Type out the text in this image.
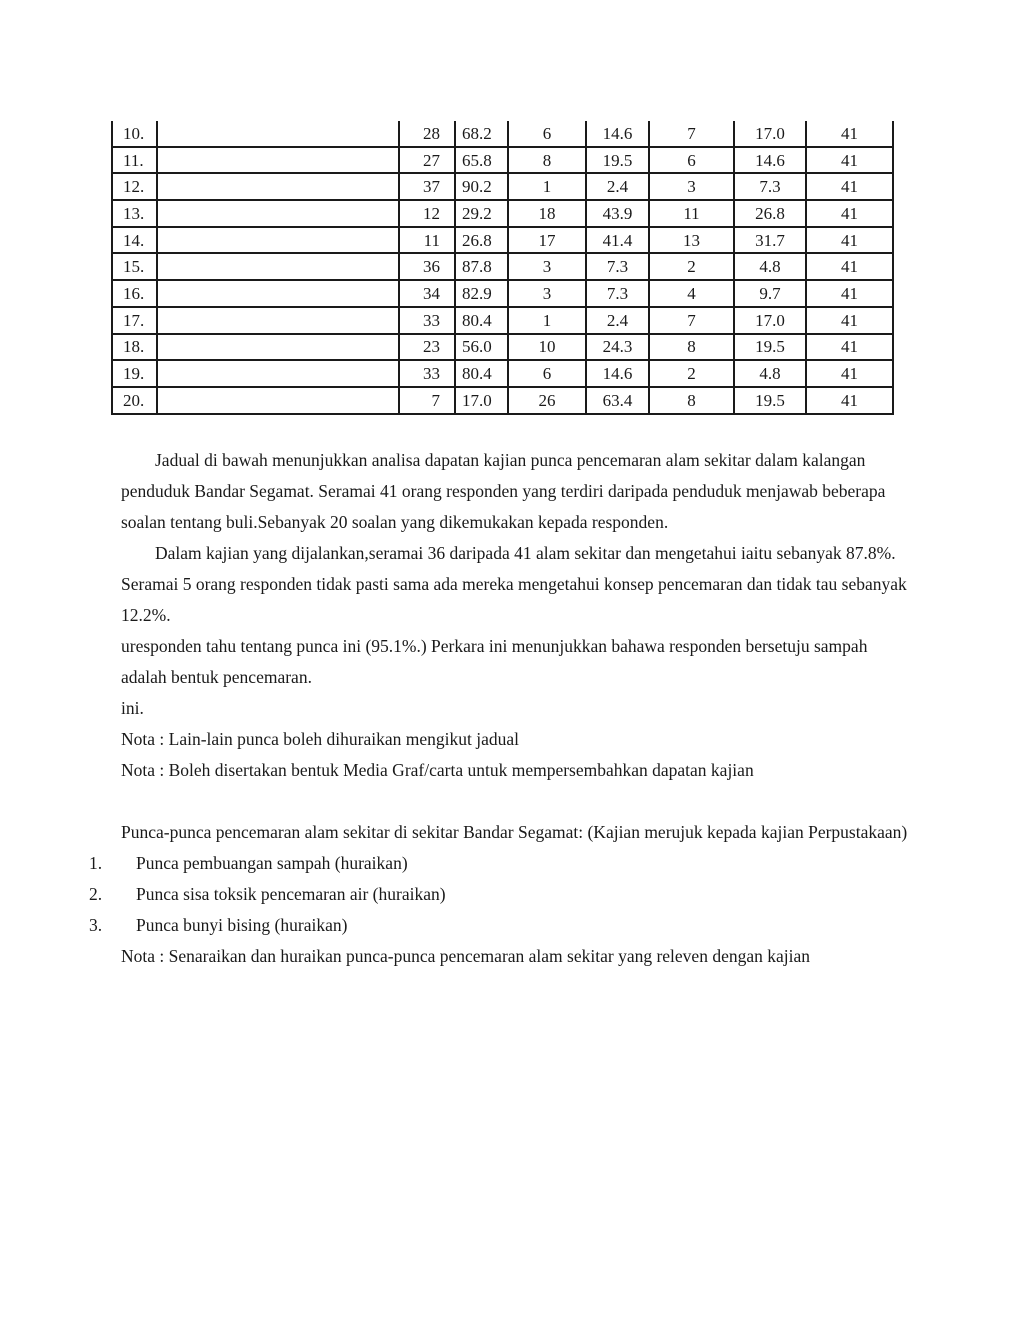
10.		28	68.2	6	14.6	7	17.0	41
11.		27	65.8	8	19.5	6	14.6	41
12.		37	90.2	1	2.4	3	7.3	41
13.		12	29.2	18	43.9	11	26.8	41
14.		11	26.8	17	41.4	13	31.7	41
15.		36	87.8	3	7.3	2	4.8	41
16.		34	82.9	3	7.3	4	9.7	41
17.		33	80.4	1	2.4	7	17.0	41
18.		23	56.0	10	24.3	8	19.5	41
19.		33	80.4	6	14.6	2	4.8	41
20.		7	17.0	26	63.4	8	19.5	41

Jadual di bawah menunjukkan analisa dapatan kajian punca pencemaran alam sekitar dalam kalangan penduduk Bandar Segamat. Seramai 41 orang responden yang terdiri daripada penduduk menjawab beberapa soalan tentang buli.Sebanyak 20 soalan yang dikemukakan kepada responden.

Dalam kajian yang dijalankan,seramai 36 daripada 41 alam sekitar dan mengetahui iaitu sebanyak 87.8%. Seramai 5 orang responden tidak pasti sama ada mereka mengetahui konsep pencemaran dan tidak tau sebanyak 12.2%.

uresponden tahu tentang punca ini (95.1%.) Perkara ini menunjukkan bahawa responden bersetuju sampah adalah bentuk pencemaran.

ini.

Nota : Lain-lain punca boleh dihuraikan mengikut jadual

Nota : Boleh disertakan bentuk Media Graf/carta untuk mempersembahkan dapatan kajian

Punca-punca pencemaran alam sekitar di sekitar Bandar Segamat: (Kajian merujuk kepada kajian Perpustakaan)

1. Punca pembuangan sampah (huraikan)

2. Punca sisa toksik pencemaran air (huraikan)

3. Punca bunyi bising (huraikan)

Nota : Senaraikan dan huraikan punca-punca pencemaran alam sekitar yang releven dengan kajian
